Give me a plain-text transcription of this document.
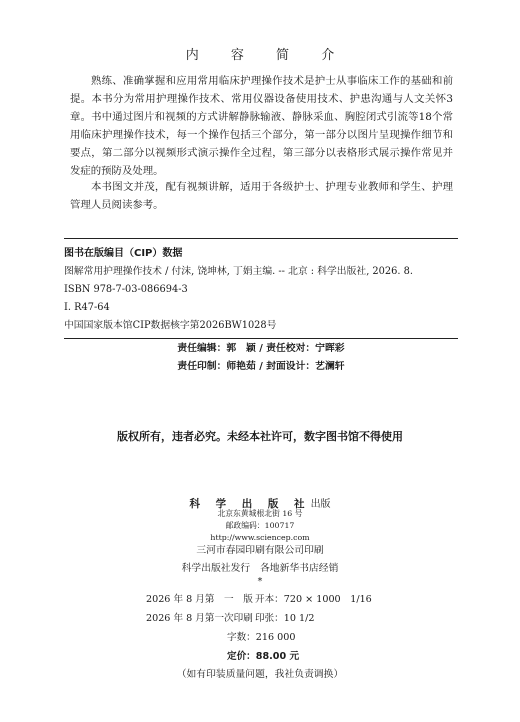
内 容 简 介
熟练、准确掌握和应用常用临床护理操作技术是护士从事临床工作的基础和前提。本书分为常用护理操作技术、常用仪器设备使用技术、护患沟通与人文关怀3章。书中通过图片和视频的方式讲解静脉输液、静脉采血、胸腔闭式引流等18个常用临床护理操作技术，每一个操作包括三个部分，第一部分以图片呈现操作细节和要点，第二部分以视频形式演示操作全过程，第三部分以表格形式展示操作常见并发症的预防及处理。
本书图文并茂，配有视频讲解，适用于各级护士、护理专业教师和学生、护理管理人员阅读参考。
图书在版编目（CIP）数据
图解常用护理操作技术 / 付沫, 饶坤林, 丁娟主编. -- 北京 : 科学出版社, 2026. 8.
ISBN 978-7-03-086694-3
Ⅰ. R47-64
中国国家版本馆CIP数据核字第2026BW1028号
责任编辑：郭　颖 / 责任校对：宁晖彩
责任印制：师艳茹 / 封面设计：艺澜轩
版权所有，违者必究。未经本社许可，数字图书馆不得使用
科 学 出 版 社出版
北京东黄城根北街 16 号
邮政编码：100717
http://www.sciencep.com
三河市春园印刷有限公司印刷
科学出版社发行　各地新华书店经销
*
2026 年 8 月第　一　版 开本：720 × 1000　1/16
2026 年 8 月第一次印刷 印张：10 1/2
字数：216 000
定价：88.00 元
（如有印装质量问题，我社负责调换）
